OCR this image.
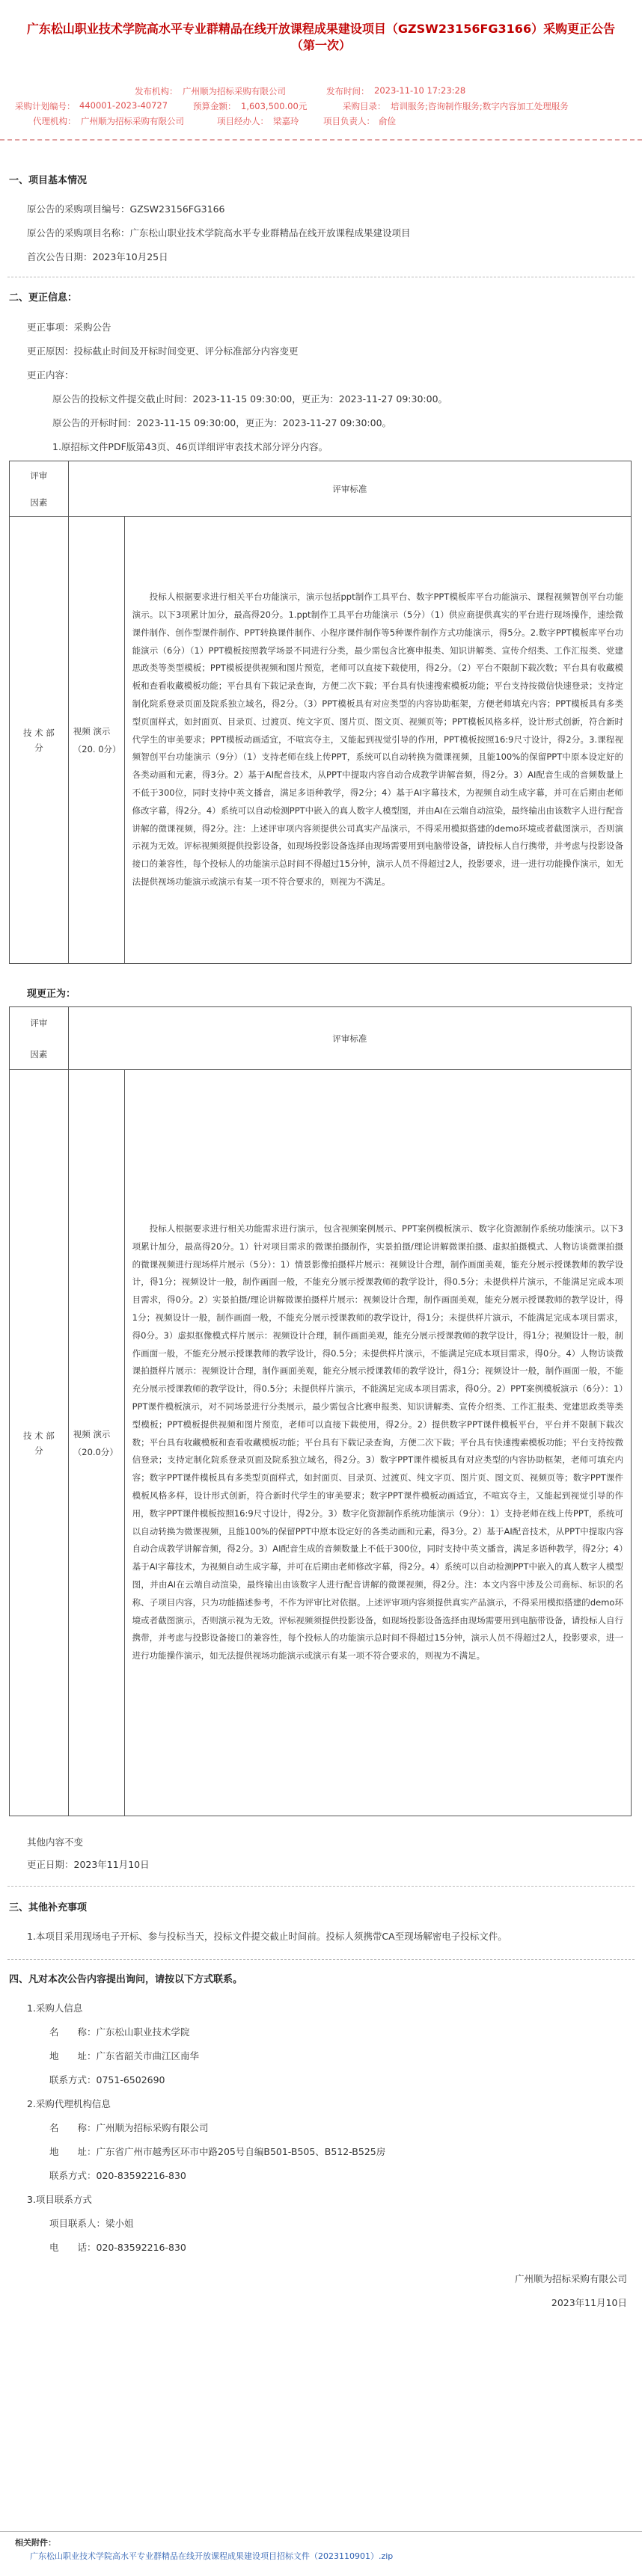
广东松山职业技术学院高水平专业群精品在线开放课程成果建设项目（GZSW23156FG3166）采购更正公告（第一次）
发布机构： 广州顺为招标采购有限公司	发布时间： 2023-11-10 17:23:28
采购计划编号： 440001-2023-40727	预算金额： 1,603,500.00元	采购目录： 培训服务;咨询制作服务;数字内容加工处理服务
代理机构： 广州顺为招标采购有限公司	项目经办人： 梁嘉玲	项目负责人： 俞俭
一、项目基本情况
原公告的采购项目编号：GZSW23156FG3166
原公告的采购项目名称：广东松山职业技术学院高水平专业群精品在线开放课程成果建设项目
首次公告日期：2023年10月25日
二、更正信息：
更正事项：采购公告
更正原因：投标截止时间及开标时间变更、评分标准部分内容变更
更正内容：
原公告的投标文件提交截止时间：2023-11-15 09:30:00，更正为：2023-11-27 09:30:00。
原公告的开标时间：2023-11-15 09:30:00，更正为：2023-11-27 09:30:00。
1.原招标文件PDF版第43页、46页详细评审表技术部分评分内容。
评审
因素	评审标准	
技 术 部分	视频 演示（20. 0分）	投标人根据要求进行相关平台功能演示，演示包括ppt制作工具平台、数字PPT模板库平台功能演示、课程视频智创平台功能演示。以下3项累计加分，最高得20分。1.ppt制作工具平台功能演示（5分）（1）供应商提供真实的平台进行现场操作，速绘微课件制作、创作型课件制作、PPT转换课件制作、小程序课件制作等5种课件制作方式功能演示，得5分。2.数字PPT模板库平台功能演示（6分）（1）PPT模板按照教学场景不同进行分类，最少需包含比赛申报类、知识讲解类、宣传介绍类、工作汇报类、党建思政类等类型模板；PPT模板提供视频和图片预览，老师可以直接下载使用，得2分。（2）平台不限制下载次数；平台具有收藏模板和查看收藏模板功能；平台具有下载记录查询，方便二次下载；平台具有快速搜索模板功能；平台支持按微信快速登录；支持定制化院系登录页面及院系独立域名，得2分。（3）PPT模板具有对应类型的内容协助框架，方便老师填充内容；PPT模板具有多类型页面样式，如封面页、目录页、过渡页、纯文字页、图片页、图文页、视频页等；PPT模板风格多样，设计形式创新，符合新时代学生的审美要求；PPT模板动画适宜，不喧宾夺主，又能起到视觉引导的作用，PPT模板按照16:9尺寸设计，得2分。3.课程视频智创平台功能演示（9分）（1）支持老师在线上传PPT，系统可以自动转换为微课视频，且能100%的保留PPT中原本设定好的各类动画和元素，得3分。2）基于AI配音技术，从PPT中提取内容自动合成教学讲解音频，得2分。3）AI配音生成的音频数量上不低于300位，同时支持中英文播音，满足多语种教学，得2分；4）基于AI字幕技术，为视频自动生成字幕，并可在后期由老师修改字幕，得2分。4）系统可以自动检测PPT中嵌入的真人数字人模型图，并由AI在云端自动渲染，最终输出由该数字人进行配音讲解的微课视频，得2分。注：上述评审项内容须提供公司真实产品演示，不得采用模拟搭建的demo环境或者截图演示，否则演示视为无效。评标视频须提供投影设备，如现场投影设备选择由现场需要用到电脑带设备，请投标人自行携带，并考虑与投影设备接口的兼容性，每个投标人的功能演示总时间不得超过15分钟，演示人员不得超过2人，投影要求，进一进行功能操作演示，如无法提供视场功能演示或演示有某一项不符合要求的，则视为不满足。
现更正为：
评审
因素	评审标准	
技 术 部分	视频 演示（20.0分）	投标人根据要求进行相关功能需求进行演示，包含视频案例展示、PPT案例模板演示、数字化资源制作系统功能演示。以下3项累计加分，最高得20分。1）针对项目需求的微课拍摄制作，实景拍摄/理论讲解微课拍摄、虚拟拍摄模式、人物访谈微课拍摄的微课视频进行现场样片展示（5分）：1）情景影像拍摄样片展示：视频设计合理，制作画面美观，能充分展示授课教师的教学设计，得1分；视频设计一般，制作画面一般，不能充分展示授课教师的教学设计，得0.5分；未提供样片演示，不能满足完成本项目需求，得0分。2）实景拍摄/理论讲解微课拍摄样片展示：视频设计合理，制作画面美观，能充分展示授课教师的教学设计，得1分；视频设计一般，制作画面一般，不能充分展示授课教师的教学设计，得1分；未提供样片演示，不能满足完成本项目需求，得0分。3）虚拟抠像模式样片展示：视频设计合理，制作画面美观，能充分展示授课教师的教学设计，得1分；视频设计一般，制作画面一般，不能充分展示授课教师的教学设计，得0.5分；未提供样片演示，不能满足完成本项目需求，得0分。4）人物访谈微课拍摄样片展示：视频设计合理，制作画面美观，能充分展示授课教师的教学设计，得1分；视频设计一般，制作画面一般，不能充分展示授课教师的教学设计，得0.5分；未提供样片演示，不能满足完成本项目需求，得0分。2）PPT案例模板演示（6分）：1）PPT课件模板演示，对不同场景进行分类展示，最少需包含比赛申报类、知识讲解类、宣传介绍类、工作汇报类、党建思政类等类型模板；PPT模板提供视频和图片预览，老师可以直接下载使用，得2分。2）提供数字PPT课件模板平台，平台并不限制下载次数；平台具有收藏模板和查看收藏模板功能；平台具有下载记录查询，方便二次下载；平台具有快速搜索模板功能；平台支持按微信登录；支持定制化院系登录页面及院系独立域名，得2分。3）数字PPT课件模板具有对应类型的内容协助框架，老师可填充内容；数字PPT课件模板具有多类型页面样式，如封面页、目录页、过渡页、纯文字页、图片页、图文页、视频页等；数字PPT课件模板风格多样，设计形式创新，符合新时代学生的审美要求；数字PPT课件模板动画适宜，不喧宾夺主，又能起到视觉引导的作用，数字PPT课件模板按照16:9尺寸设计，得2分。3）数字化资源制作系统功能演示（9分）：1）支持老师在线上传PPT，系统可以自动转换为微课视频，且能100%的保留PPT中原本设定好的各类动画和元素，得3分。2）基于AI配音技术，从PPT中提取内容自动合成教学讲解音频，得2分。3）AI配音生成的音频数量上不低于300位，同时支持中英文播音，满足多语种教学，得2分；4）基于AI字幕技术，为视频自动生成字幕，并可在后期由老师修改字幕，得2分。4）系统可以自动检测PPT中嵌入的真人数字人模型图，并由AI在云端自动渲染，最终输出由该数字人进行配音讲解的微课视频，得2分。注：本文内容中涉及公司商标、标识的名称、子项目内容，只为功能描述参考，不作为评审比对依据。上述评审项内容须提供真实产品演示，不得采用模拟搭建的demo环境或者截图演示，否则演示视为无效。评标视频须提供投影设备，如现场投影设备选择由现场需要用到电脑带设备，请投标人自行携带，并考虑与投影设备接口的兼容性，每个投标人的功能演示总时间不得超过15分钟，演示人员不得超过2人，投影要求，进一进行功能操作演示，如无法提供视场功能演示或演示有某一项不符合要求的，则视为不满足。
其他内容不变
更正日期：2023年11月10日
三、其他补充事项
1.本项目采用现场电子开标、参与投标当天，投标文件提交截止时间前。投标人须携带CA至现场解密电子投标文件。
四、凡对本次公告内容提出询问，请按以下方式联系。
1.采购人信息
名　　称：广东松山职业技术学院
地　　址：广东省韶关市曲江区南华
联系方式：0751-6502690
2.采购代理机构信息
名　　称：广州顺为招标采购有限公司
地　　址：广东省广州市越秀区环市中路205号自编B501-B505、B512-B525房
联系方式：020-83592216-830
3.项目联系方式
项目联系人：梁小姐
电　　话：020-83592216-830
广州顺为招标采购有限公司
2023年11月10日
相关附件：
广东松山职业技术学院高水平专业群精品在线开放课程成果建设项目招标文件（2023110901）.zip
